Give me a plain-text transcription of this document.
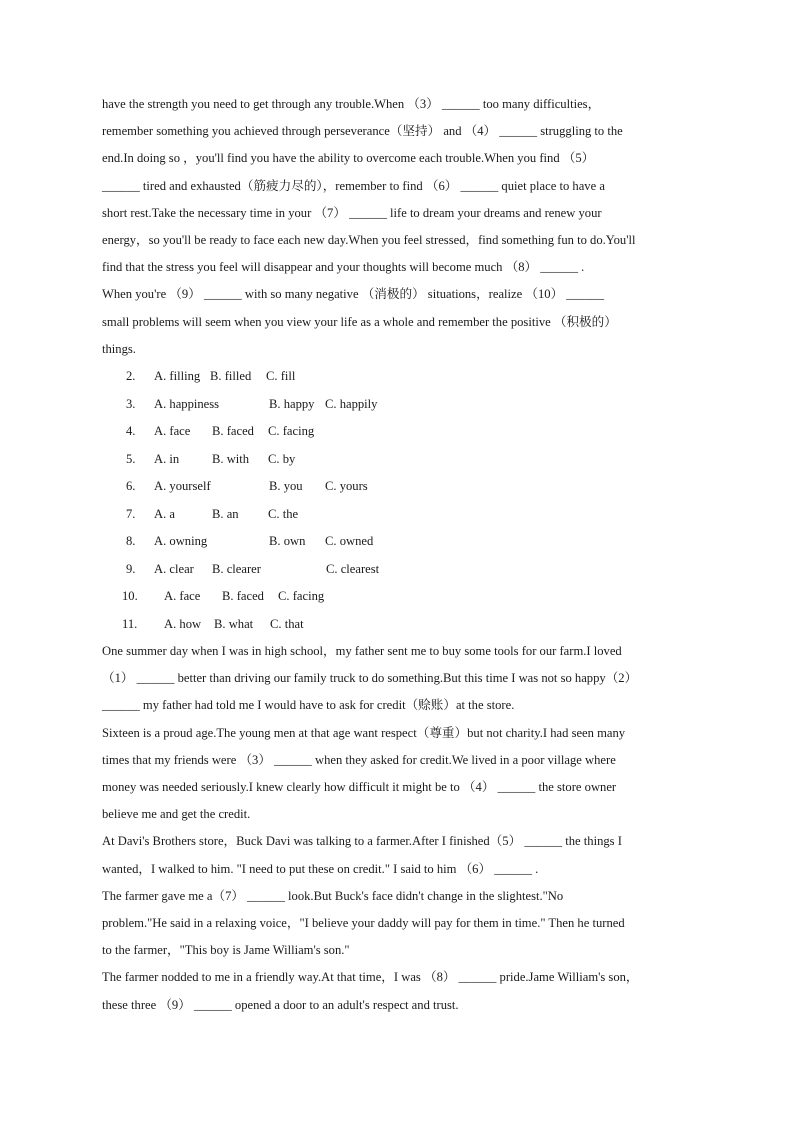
have the strength you need to get through any trouble.When （3） ______ too many difficulties，
remember something you achieved through perseverance（坚持） and （4） ______ struggling to the
end.In doing so ，you'll find you have the ability to overcome each trouble.When you find （5）
______ tired and exhausted（筋疲力尽的），remember to find （6） ______ quiet place to have a
short rest.Take the necessary time in your （7） ______ life to dream your dreams and renew your
energy，so you'll be ready to face each new day.When you feel stressed，find something fun to do.You'll
find that the stress you feel will disappear and your thoughts will become much （8） ______ .
When you're （9） ______ with so many negative （消极的） situations，realize （10） ______
small problems will seem when you view your life as a whole and remember the positive （积极的）
things.
2.	A. filling B. filled	C. fill
3.	A. happiness	B. happy C. happily
4.	A. face	B. faced	C. facing
5.	A. in	B. with	C. by
6.	A. yourself	B. you	C. yours
7.	A. a	B. an	C. the
8.	A. owning	B. own	C. owned
9.	A. clear	B. clearer	C. clearest
10.	A. face	B. faced	C. facing
11.	A. how	B. what	C. that
One summer day when I was in high school，my father sent me to buy some tools for our farm.I loved
（1） ______ better than driving our family truck to do something.But this time I was not so happy（2）
______ my father had told me I would have to ask for credit（赊账）at the store.
Sixteen is a proud age.The young men at that age want respect（尊重）but not charity.I had seen many
times that my friends were （3） ______ when they asked for credit.We lived in a poor village where
money was needed seriously.I knew clearly how difficult it might be to （4） ______ the store owner
believe me and get the credit.
At Davi's Brothers store，Buck Davi was talking to a farmer.After I finished（5） ______ the things I
wanted，I walked to him. "I need to put these on credit." I said to him （6） ______ .
The farmer gave me a（7） ______ look.But Buck's face didn't change in the slightest."No
problem."He said in a relaxing voice，"I believe your daddy will pay for them in time." Then he turned
to the farmer，"This boy is Jame William's son."
The farmer nodded to me in a friendly way.At that time，I was （8） ______ pride.Jame William's son，
these three （9） ______ opened a door to an adult's respect and trust.
